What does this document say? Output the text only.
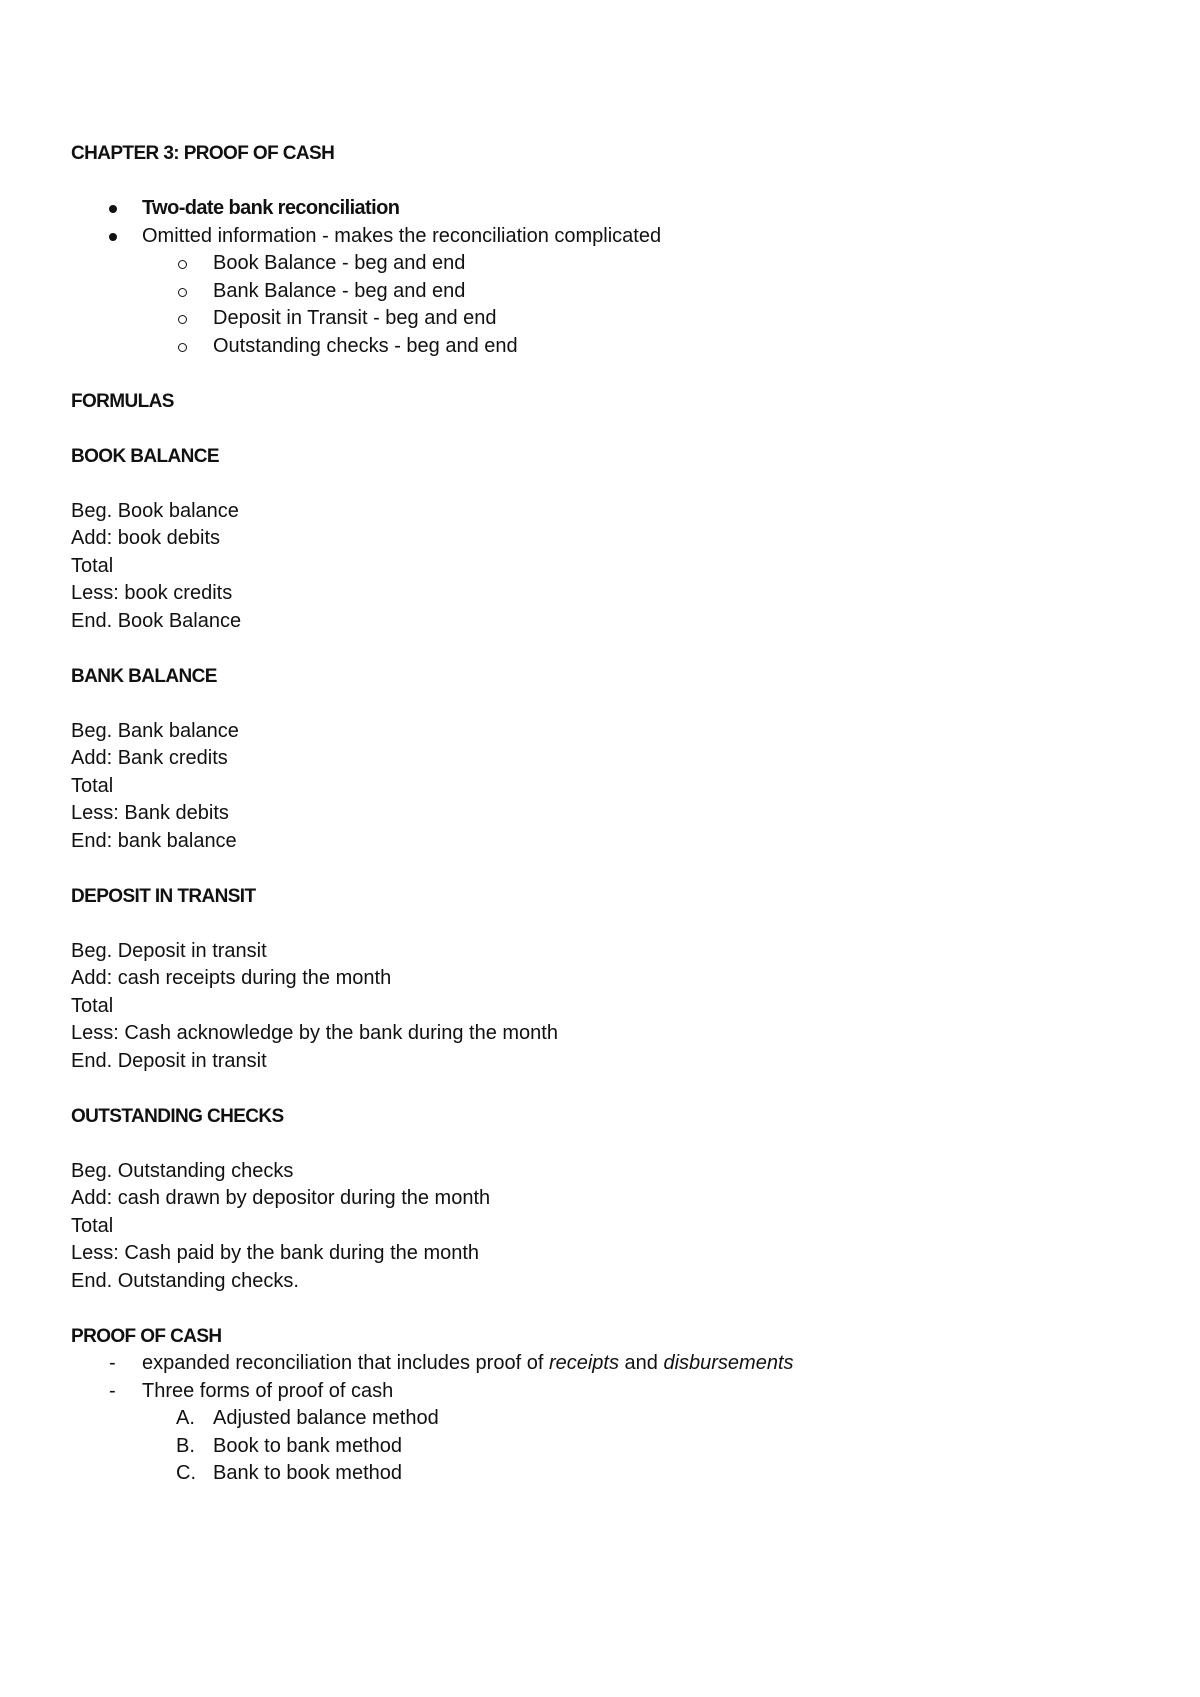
CHAPTER 3: PROOF OF CASH
Two-date bank reconciliation
Omitted information - makes the reconciliation complicated
Book Balance - beg and end
Bank Balance - beg and end
Deposit in Transit - beg and end
Outstanding checks - beg and end
FORMULAS
BOOK BALANCE
Beg. Book balance
Add: book debits
Total
Less: book credits
End. Book Balance
BANK BALANCE
Beg. Bank balance
Add: Bank credits
Total
Less: Bank debits
End: bank balance
DEPOSIT IN TRANSIT
Beg. Deposit in transit
Add: cash receipts during the month
Total
Less: Cash acknowledge by the bank during the month
End. Deposit in transit
OUTSTANDING CHECKS
Beg. Outstanding checks
Add: cash drawn by depositor during the month
Total
Less: Cash paid by the bank during the month
End. Outstanding checks.
PROOF OF CASH
- expanded reconciliation that includes proof of receipts and disbursements
- Three forms of proof of cash
A. Adjusted balance method
B. Book to bank method
C. Bank to book method
